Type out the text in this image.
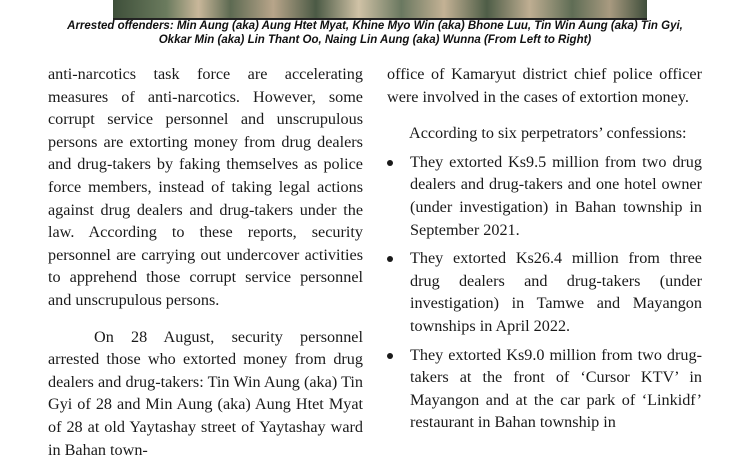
Arrested offenders: Min Aung (aka) Aung Htet Myat, Khine Myo Win (aka) Bhone Luu, Tin Win Aung (aka) Tin Gyi,
Okkar Min (aka) Lin Thant Oo, Naing Lin Aung (aka) Wunna (From Left to Right)

anti-narcotics task force are accelerating measures of anti-narcotics. However, some corrupt service personnel and unscrupulous persons are extorting money from drug dealers and drug-takers by faking themselves as police force members, instead of taking legal actions against drug dealers and drug-takers under the law. According to these reports, security personnel are carrying out undercover activities to apprehend those corrupt service personnel and unscrupulous persons.

On 28 August, security personnel arrested those who extorted money from drug dealers and drug-takers: Tin Win Aung (aka) Tin Gyi of 28 and Min Aung (aka) Aung Htet Myat of 28 at old Yaytashay street of Yaytashay ward in Bahan town-

office of Kamaryut district chief police officer were involved in the cases of extortion money.

According to six perpetrators’ confessions:

They extorted Ks9.5 million from two drug dealers and drug-takers and one hotel owner (under investigation) in Bahan township in September 2021.
They extorted Ks26.4 million from three drug dealers and drug-takers (under investigation) in Tamwe and Mayangon townships in April 2022.
They extorted Ks9.0 million from two drug-takers at the front of ‘Cursor KTV’ in Mayangon and at the car park of ‘Linkidf’ restaurant in Bahan township in
